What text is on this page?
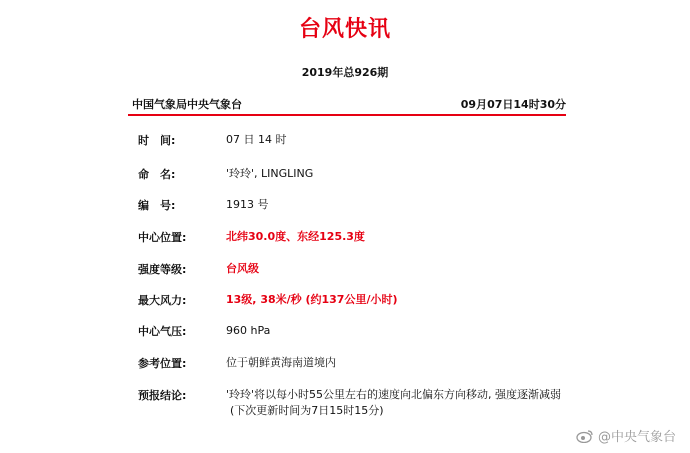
台风快讯
2019年总926期
中国气象局中央气象台	09月07日14时30分
时　间:	07 日 14 时
命　名:	'玲玲', LINGLING
编　号:	1913 号
中心位置:	北纬30.0度、东经125.3度
强度等级:	台风级
最大风力:	13级, 38米/秒 (约137公里/小时)
中心气压:	960 hPa
参考位置:	位于朝鲜黄海南道境内
预报结论:	'玲玲'将以每小时55公里左右的速度向北偏东方向移动, 强度逐渐减弱
(下次更新时间为7日15时15分)
@中央气象台
